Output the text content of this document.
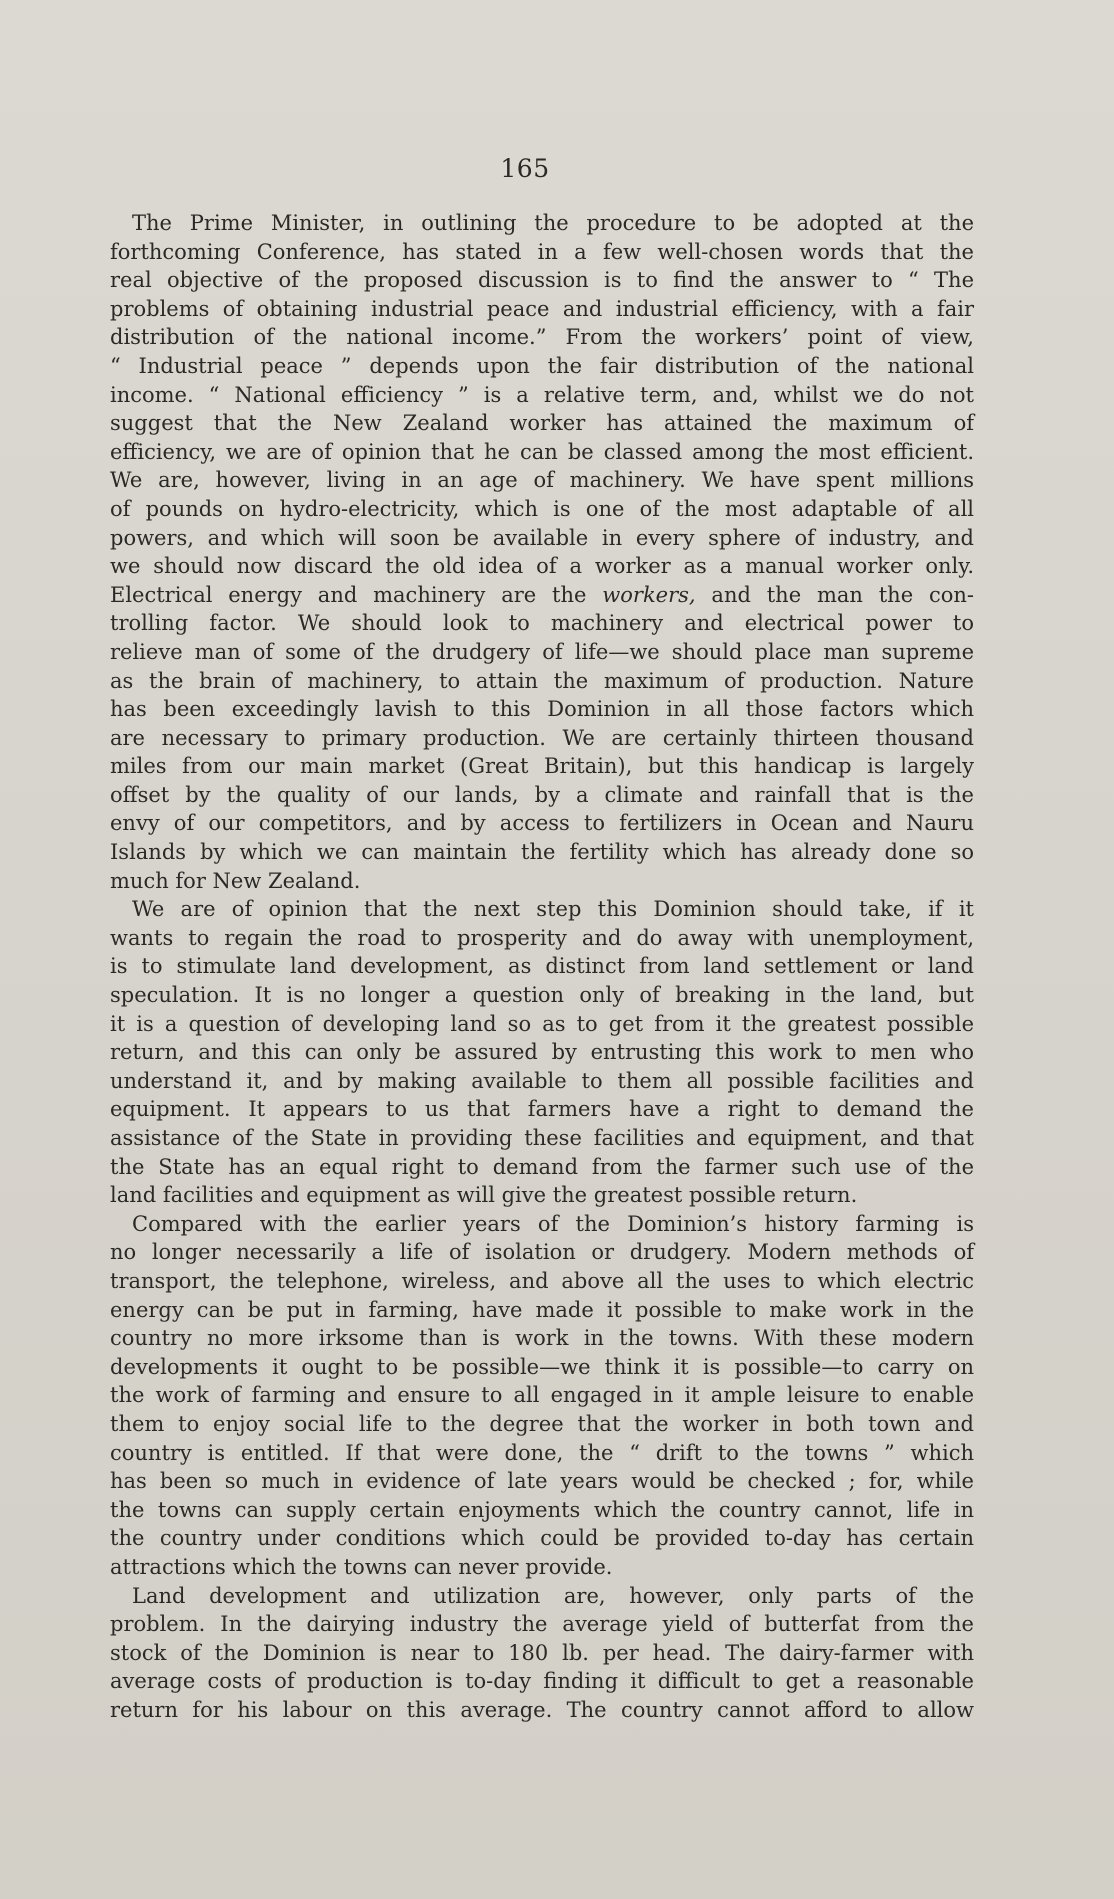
165
The Prime Minister, in outlining the procedure to be adopted at the
forthcoming Conference, has stated in a few well-chosen words that the
real objective of the proposed discussion is to find the answer to “ The
problems of obtaining industrial peace and industrial efficiency, with a fair
distribution of the national income.” From the workers’ point of view,
“ Industrial peace ” depends upon the fair distribution of the national
income. “ National efficiency ” is a relative term, and, whilst we do not
suggest that the New Zealand worker has attained the maximum of
efficiency, we are of opinion that he can be classed among the most efficient.
We are, however, living in an age of machinery. We have spent millions
of pounds on hydro-electricity, which is one of the most adaptable of all
powers, and which will soon be available in every sphere of industry, and
we should now discard the old idea of a worker as a manual worker only.
Electrical energy and machinery are the workers, and the man the con-
trolling factor. We should look to machinery and electrical power to
relieve man of some of the drudgery of life—we should place man supreme
as the brain of machinery, to attain the maximum of production. Nature
has been exceedingly lavish to this Dominion in all those factors which
are necessary to primary production. We are certainly thirteen thousand
miles from our main market (Great Britain), but this handicap is largely
offset by the quality of our lands, by a climate and rainfall that is the
envy of our competitors, and by access to fertilizers in Ocean and Nauru
Islands by which we can maintain the fertility which has already done so
much for New Zealand.
We are of opinion that the next step this Dominion should take, if it
wants to regain the road to prosperity and do away with unemployment,
is to stimulate land development, as distinct from land settlement or land
speculation. It is no longer a question only of breaking in the land, but
it is a question of developing land so as to get from it the greatest possible
return, and this can only be assured by entrusting this work to men who
understand it, and by making available to them all possible facilities and
equipment. It appears to us that farmers have a right to demand the
assistance of the State in providing these facilities and equipment, and that
the State has an equal right to demand from the farmer such use of the
land facilities and equipment as will give the greatest possible return.
Compared with the earlier years of the Dominion’s history farming is
no longer necessarily a life of isolation or drudgery. Modern methods of
transport, the telephone, wireless, and above all the uses to which electric
energy can be put in farming, have made it possible to make work in the
country no more irksome than is work in the towns. With these modern
developments it ought to be possible—we think it is possible—to carry on
the work of farming and ensure to all engaged in it ample leisure to enable
them to enjoy social life to the degree that the worker in both town and
country is entitled. If that were done, the “ drift to the towns ” which
has been so much in evidence of late years would be checked ; for, while
the towns can supply certain enjoyments which the country cannot, life in
the country under conditions which could be provided to-day has certain
attractions which the towns can never provide.
Land development and utilization are, however, only parts of the
problem. In the dairying industry the average yield of butterfat from the
stock of the Dominion is near to 180 lb. per head. The dairy-farmer with
average costs of production is to-day finding it difficult to get a reasonable
return for his labour on this average. The country cannot afford to allow
